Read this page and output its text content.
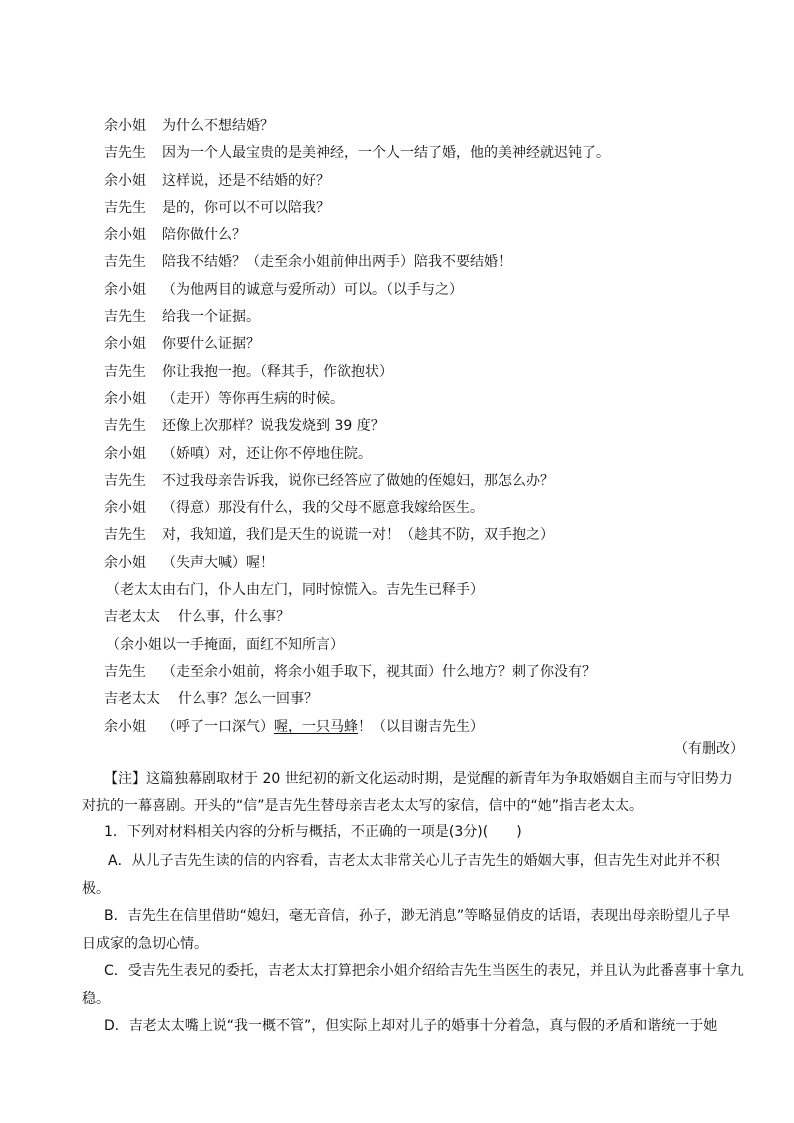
余小姐 为什么不想结婚？
吉先生 因为一个人最宝贵的是美神经，一个人一结了婚，他的美神经就迟钝了。
余小姐 这样说，还是不结婚的好？
吉先生 是的，你可以不可以陪我？
余小姐 陪你做什么？
吉先生 陪我不结婚？（走至余小姐前伸出两手）陪我不要结婚！
余小姐 （为他两目的诚意与爱所动）可以。（以手与之）
吉先生 给我一个证据。
余小姐 你要什么证据？
吉先生 你让我抱一抱。（释其手，作欲抱状）
余小姐 （走开）等你再生病的时候。
吉先生 还像上次那样？说我发烧到 39 度？
余小姐 （娇嗔）对，还让你不停地住院。
吉先生 不过我母亲告诉我，说你已经答应了做她的侄媳妇，那怎么办？
余小姐 （得意）那没有什么，我的父母不愿意我嫁给医生。
吉先生 对，我知道，我们是天生的说谎一对！（趁其不防，双手抱之）
余小姐 （失声大喊）喔！
（老太太由右门，仆人由左门，同时惊慌入。吉先生已释手）
吉老太太 什么事，什么事？
（余小姐以一手掩面，面红不知所言）
吉先生 （走至余小姐前，将余小姐手取下，视其面）什么地方？刺了你没有？
吉老太太 什么事？怎么一回事？
余小姐 （呼了一口深气）喔，一只马蜂！（以目谢吉先生）
（有删改）
【注】这篇独幕剧取材于 20 世纪初的新文化运动时期，是觉醒的新青年为争取婚姻自主而与守旧势力对抗的一幕喜剧。开头的“信”是吉先生替母亲吉老太太写的家信，信中的“她”指吉老太太。
1．下列对材料相关内容的分析与概括，不正确的一项是(3分)(　　)
A．从儿子吉先生读的信的内容看，吉老太太非常关心儿子吉先生的婚姻大事，但吉先生对此并不积极。
B．吉先生在信里借助“媳妇，毫无音信，孙子，渺无消息”等略显俏皮的话语，表现出母亲盼望儿子早日成家的急切心情。
C．受吉先生表兄的委托，吉老太太打算把余小姐介绍给吉先生当医生的表兄，并且认为此番喜事十拿九稳。
D．吉老太太嘴上说“我一概不管”，但实际上却对儿子的婚事十分着急，真与假的矛盾和谐统一于她
